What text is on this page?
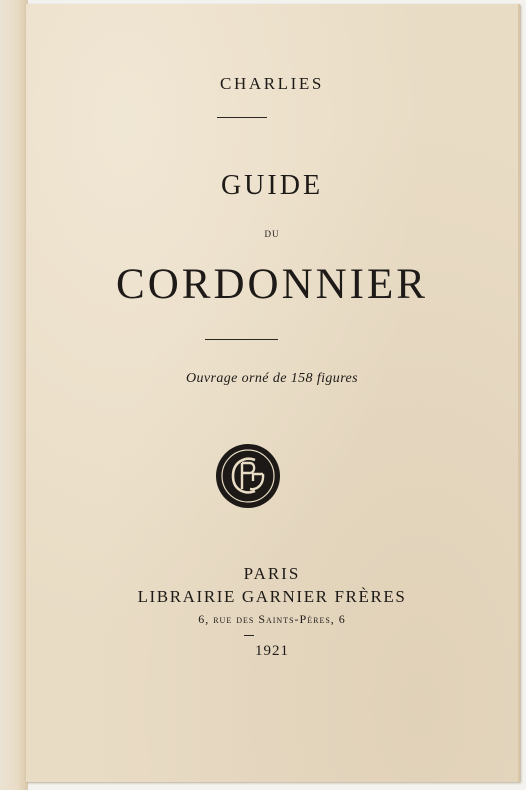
CHARLIES
GUIDE
DU
CORDONNIER
Ouvrage orné de 158 figures
PARIS
LIBRAIRIE GARNIER FRÈRES
6, rue des Saints-Pères, 6
1921
